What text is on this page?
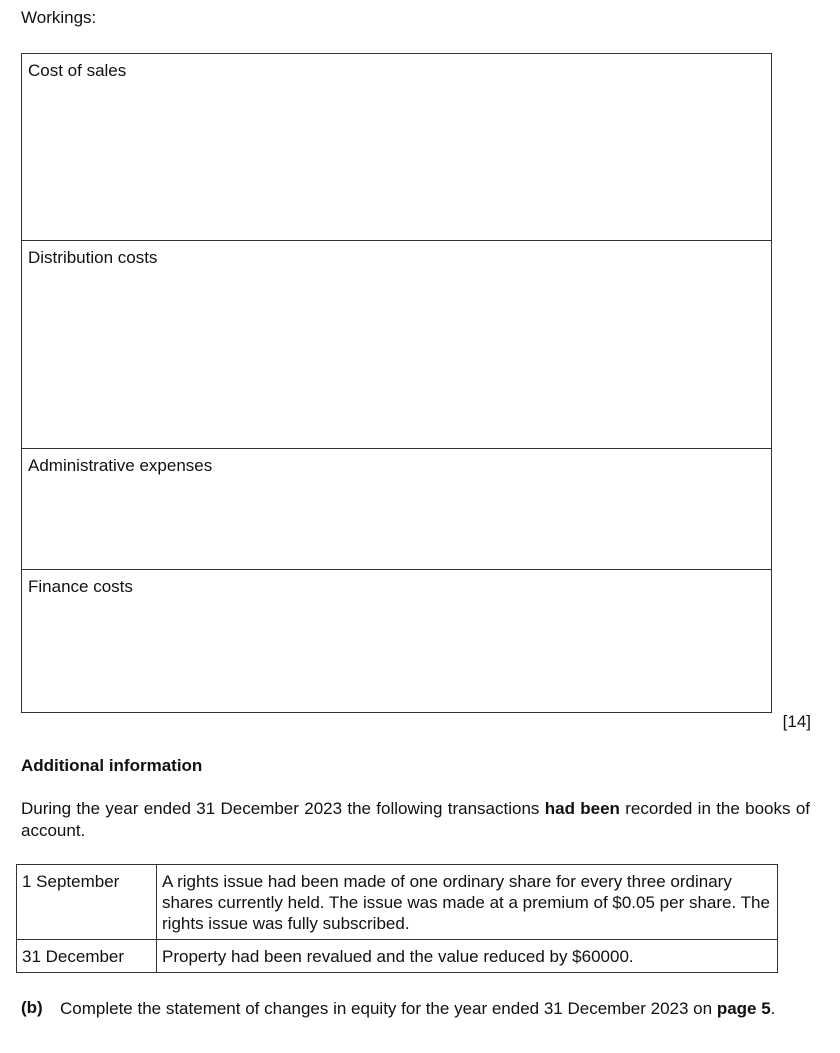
Workings:
Cost of sales
Distribution costs
Administrative expenses
Finance costs
[14]
Additional information
During the year ended 31 December 2023 the following transactions had been recorded in the books of account.
1 September	A rights issue had been made of one ordinary share for every three ordinary shares currently held. The issue was made at a premium of $0.05 per share. The rights issue was fully subscribed.
31 December	Property had been revalued and the value reduced by $60000.
(b) Complete the statement of changes in equity for the year ended 31 December 2023 on page 5.
